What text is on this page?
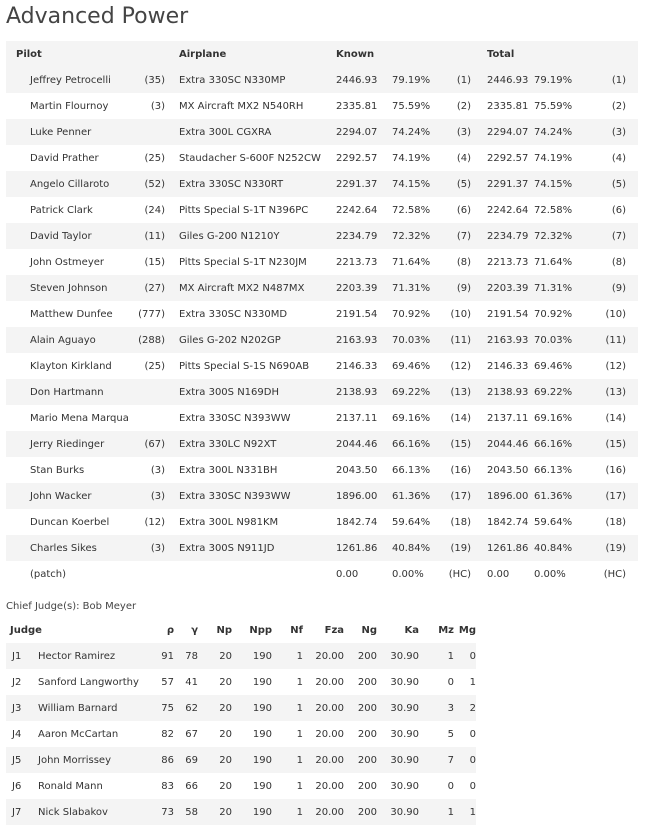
Advanced Power
Pilot		Airplane	Known			Total		
Jeffrey Petrocelli	(35)	Extra 330SC N330MP	2446.93	79.19%	(1)	2446.93	79.19%	(1)
Martin Flournoy	(3)	MX Aircraft MX2 N540RH	2335.81	75.59%	(2)	2335.81	75.59%	(2)
Luke Penner		Extra 300L CGXRA	2294.07	74.24%	(3)	2294.07	74.24%	(3)
David Prather	(25)	Staudacher S-600F N252CW	2292.57	74.19%	(4)	2292.57	74.19%	(4)
Angelo Cillaroto	(52)	Extra 330SC N330RT	2291.37	74.15%	(5)	2291.37	74.15%	(5)
Patrick Clark	(24)	Pitts Special S-1T N396PC	2242.64	72.58%	(6)	2242.64	72.58%	(6)
David Taylor	(11)	Giles G-200 N1210Y	2234.79	72.32%	(7)	2234.79	72.32%	(7)
John Ostmeyer	(15)	Pitts Special S-1T N230JM	2213.73	71.64%	(8)	2213.73	71.64%	(8)
Steven Johnson	(27)	MX Aircraft MX2 N487MX	2203.39	71.31%	(9)	2203.39	71.31%	(9)
Matthew Dunfee	(777)	Extra 330SC N330MD	2191.54	70.92%	(10)	2191.54	70.92%	(10)
Alain Aguayo	(288)	Giles G-202 N202GP	2163.93	70.03%	(11)	2163.93	70.03%	(11)
Klayton Kirkland	(25)	Pitts Special S-1S N690AB	2146.33	69.46%	(12)	2146.33	69.46%	(12)
Don Hartmann		Extra 300S N169DH	2138.93	69.22%	(13)	2138.93	69.22%	(13)
Mario Mena Marqua		Extra 330SC N393WW	2137.11	69.16%	(14)	2137.11	69.16%	(14)
Jerry Riedinger	(67)	Extra 330LC N92XT	2044.46	66.16%	(15)	2044.46	66.16%	(15)
Stan Burks	(3)	Extra 300L N331BH	2043.50	66.13%	(16)	2043.50	66.13%	(16)
John Wacker	(3)	Extra 330SC N393WW	1896.00	61.36%	(17)	1896.00	61.36%	(17)
Duncan Koerbel	(12)	Extra 300L N981KM	1842.74	59.64%	(18)	1842.74	59.64%	(18)
Charles Sikes	(3)	Extra 300S N911JD	1261.86	40.84%	(19)	1261.86	40.84%	(19)
(patch)			0.00	0.00%	(HC)	0.00	0.00%	(HC)
Chief Judge(s): Bob Meyer
Judge		ρ	γ	Np	Npp	Nf	Fza	Ng	Ka	Mz	Mg
J1	Hector Ramirez	91	78	20	190	1	20.00	200	30.90	1	0
J2	Sanford Langworthy	57	41	20	190	1	20.00	200	30.90	0	1
J3	William Barnard	75	62	20	190	1	20.00	200	30.90	3	2
J4	Aaron McCartan	82	67	20	190	1	20.00	200	30.90	5	0
J5	John Morrissey	86	69	20	190	1	20.00	200	30.90	7	0
J6	Ronald Mann	83	66	20	190	1	20.00	200	30.90	0	0
J7	Nick Slabakov	73	58	20	190	1	20.00	200	30.90	1	1
